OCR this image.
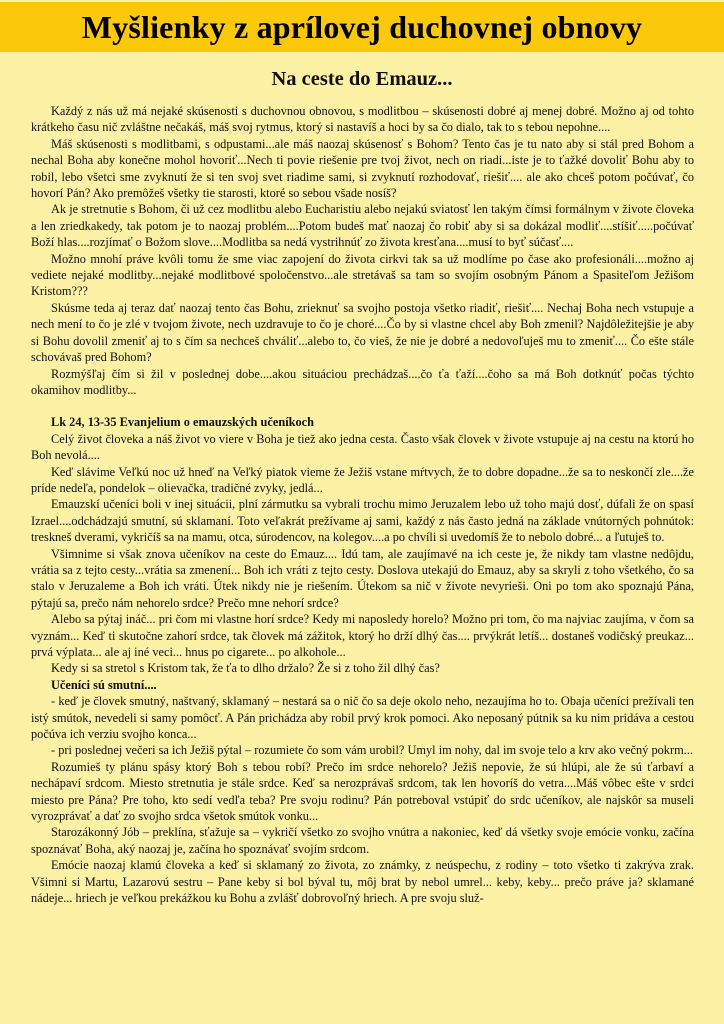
Myšlienky z aprílovej duchovnej obnovy
Na ceste do Emauz...

Každý z nás už má nejaké skúsenosti s duchovnou obnovou, s modlitbou – skúsenosti dobré aj menej dobré. Možno aj od tohto krátkeho času nič zvláštne nečakáš, máš svoj rytmus, ktorý si nastavíš a hoci by sa čo dialo, tak to s tebou nepohne....

Máš skúsenosti s modlitbami, s odpustami...ale máš naozaj skúsenosť s Bohom? Tento čas je tu nato aby si stál pred Bohom a nechal Boha aby konečne mohol hovoriť...Nech ti povie riešenie pre tvoj život, nech on riadi...iste je to ťažké dovoliť Bohu aby to robil, lebo všetci sme zvyknutí že si ten svoj svet riadime sami, si zvyknutí rozhodovať, riešiť.... ale ako chceš potom počúvať, čo hovorí Pán? Ako premôžeš všetky tie starosti, ktoré so sebou všade nosíš?

Ak je stretnutie s Bohom, či už cez modlitbu alebo Eucharistiu alebo nejakú sviatosť len takým čímsi formálnym v živote človeka a len zriedkakedy, tak potom je to naozaj problém....Potom budeš mať naozaj čo robiť aby si sa dokázal modliť....stíšiť.....počúvať Boží hlas....rozjímať o Božom slove....Modlitba sa nedá vystrihnúť zo života kresťana....musí to byť súčasť....

Možno mnohí práve kvôli tomu že sme viac zapojení do života cirkvi tak sa už modlíme po čase ako profesionáli....možno aj vediete nejaké modlitby...nejaké modlitbové spoločenstvo...ale stretávaš sa tam so svojím osobným Pánom a Spasiteľom Ježišom Kristom???

Skúsme teda aj teraz dať naozaj tento čas Bohu, zrieknuť sa svojho postoja všetko riadiť, riešiť.... Nechaj Boha nech vstupuje a nech mení to čo je zlé v tvojom živote, nech uzdravuje to čo je choré....Čo by si vlastne chcel aby Boh zmenil? Najdôležitejšie je aby si Bohu dovolil zmeniť aj to s čím sa nechceš chváliť...alebo to, čo vieš, že nie je dobré a nedovoľuješ mu to zmeniť.... Čo ešte stále schovávaš pred Bohom?

Rozmýšľaj čím si žil v poslednej dobe....akou situáciou prechádzaš....čo ťa ťaží....čoho sa má Boh dotknúť počas týchto okamihov modlitby...

Lk 24, 13-35 Evanjelium o emauzských učeníkoch

Celý život človeka a náš život vo viere v Boha je tiež ako jedna cesta. Často však človek v živote vstupuje aj na cestu na ktorú ho Boh nevolá....

Keď slávime Veľkú noc už hneď na Veľký piatok vieme že Ježiš vstane mŕtvych, že to dobre dopadne...že sa to neskončí zle....že príde nedeľa, pondelok – olievačka, tradičné zvyky, jedlá...

Emauzskí učeníci boli v inej situácii, plní zármutku sa vybrali trochu mimo Jeruzalem lebo už toho majú dosť, dúfali že on spasí Izrael....odchádzajú smutní, sú sklamaní. Toto veľakrát prežívame aj sami, každý z nás často jedná na základe vnútorných pohnútok: treskneš dverami, vykričíš sa na mamu, otca, súrodencov, na kolegov....a po chvíli si uvedomíš že to nebolo dobré... a ľutuješ to.

Všimnime si však znova učeníkov na ceste do Emauz.... Idú tam, ale zaujímavé na ich ceste je, že nikdy tam vlastne nedôjdu, vrátia sa z tejto cesty...vrátia sa zmenení... Boh ich vráti z tejto cesty. Doslova utekajú do Emauz, aby sa skryli z toho všetkého, čo sa stalo v Jeruzaleme a Boh ich vráti. Útek nikdy nie je riešením. Útekom sa nič v živote nevyrieši. Oni po tom ako spoznajú Pána, pýtajú sa, prečo nám nehorelo srdce? Prečo mne nehorí srdce?

Alebo sa pýtaj ináč... pri čom mi vlastne horí srdce? Kedy mi naposledy horelo? Možno pri tom, čo ma najviac zaujíma, v čom sa vyznám... Keď ti skutočne zahorí srdce, tak človek má zážitok, ktorý ho drží dlhý čas.... prvýkrát letíš... dostaneš vodičský preukaz... prvá výplata... ale aj iné veci... hnus po cigarete... po alkohole...

Kedy si sa stretol s Kristom tak, že ťa to dlho držalo? Že si z toho žil dlhý čas?

Učeníci sú smutní....

- keď je človek smutný, naštvaný, sklamaný – nestará sa o nič čo sa deje okolo neho, nezaujíma ho to. Obaja učeníci prežívali ten istý smútok, nevedeli si samy pomôcť. A Pán prichádza aby robil prvý krok pomoci. Ako neposaný pútnik sa ku nim pridáva a cestou počúva ich verziu svojho konca...

- pri poslednej večeri sa ich Ježiš pýtal – rozumiete čo som vám urobil? Umyl im nohy, dal im svoje telo a krv ako večný pokrm...

Rozumieš ty plánu spásy ktorý Boh s tebou robí? Prečo im srdce nehorelo? Ježiš nepovie, že sú hlúpi, ale že sú ťarbaví a nechápaví srdcom. Miesto stretnutia je stále srdce. Keď sa nerozprávaš srdcom, tak len hovoríš do vetra....Máš vôbec ešte v srdci miesto pre Pána? Pre toho, kto sedí vedľa teba? Pre svoju rodinu? Pán potreboval vstúpiť do srdc učeníkov, ale najskôr sa museli vyrozprávať a dať zo svojho srdca všetok smútok vonku...

Starozákonný Jób – preklína, sťažuje sa – vykričí všetko zo svojho vnútra a nakoniec, keď dá všetky svoje emócie vonku, začína spoznávať Boha, aký naozaj je, začína ho spoznávať svojím srdcom.

Emócie naozaj klamú človeka a keď si sklamaný zo života, zo známky, z neúspechu, z rodiny – toto všetko ti zakrýva zrak. Všimni si Martu, Lazarovú sestru – Pane keby si bol býval tu, môj brat by nebol umrel... keby, keby... prečo práve ja? sklamané nádeje... hriech je veľkou prekážkou ku Bohu a zvlášť dobrovoľný hriech. A pre svoju služ-
